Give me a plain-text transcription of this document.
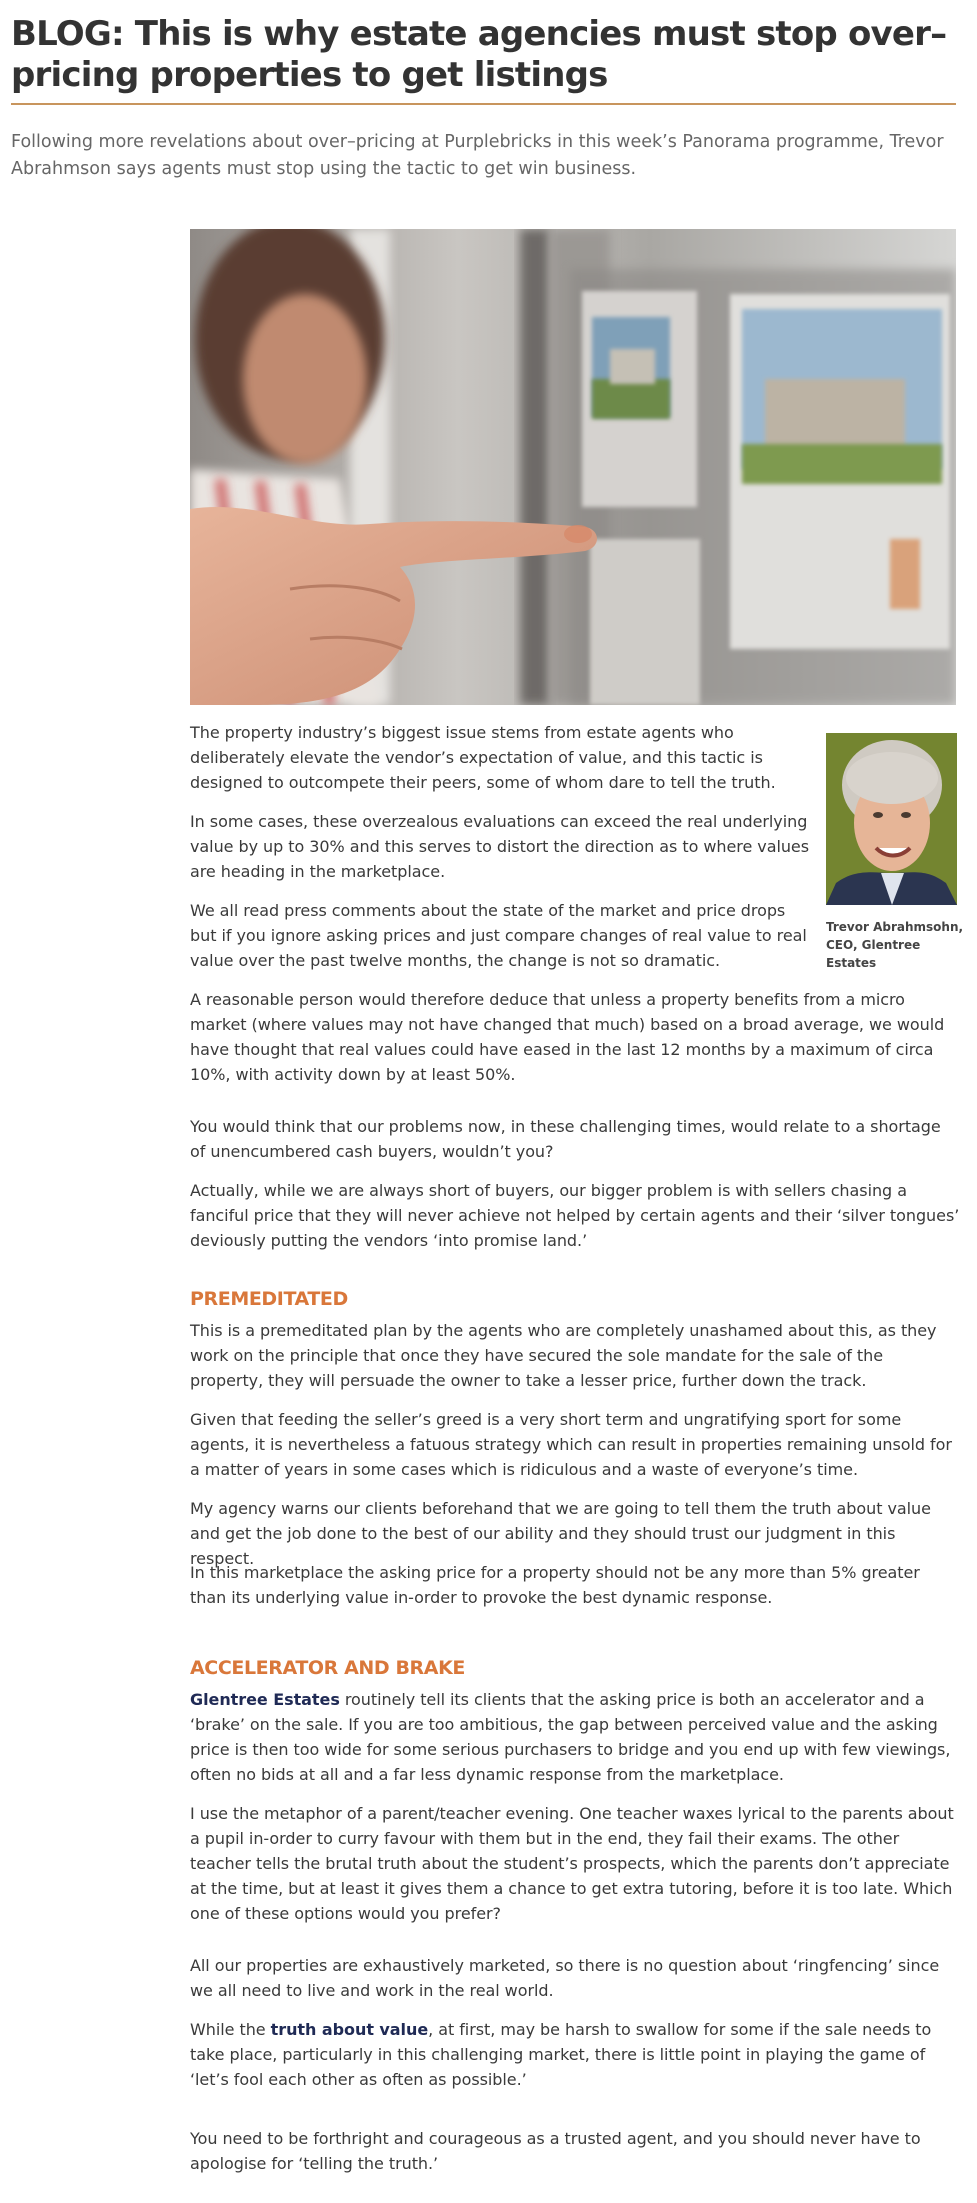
BLOG: This is why estate agencies must stop over–pricing properties to get listings

Following more revelations about over–pricing at Purplebricks in this week’s Panorama programme, Trevor Abrahmson says agents must stop using the tactic to get win business.

Trevor Abrahmsohn, CEO, Glentree Estates

The property industry’s biggest issue stems from estate agents who deliberately elevate the vendor’s expectation of value, and this tactic is designed to outcompete their peers, some of whom dare to tell the truth.

In some cases, these overzealous evaluations can exceed the real underlying value by up to 30% and this serves to distort the direction as to where values are heading in the marketplace.

We all read press comments about the state of the market and price drops but if you ignore asking prices and just compare changes of real value to real value over the past twelve months, the change is not so dramatic.

A reasonable person would therefore deduce that unless a property benefits from a micro market (where values may not have changed that much) based on a broad average, we would have thought that real values could have eased in the last 12 months by a maximum of circa 10%, with activity down by at least 50%.

You would think that our problems now, in these challenging times, would relate to a shortage of unencumbered cash buyers, wouldn’t you?

Actually, while we are always short of buyers, our bigger problem is with sellers chasing a fanciful price that they will never achieve not helped by certain agents and their ‘silver tongues’ deviously putting the vendors ‘into promise land.’

PREMEDITATED

This is a premeditated plan by the agents who are completely unashamed about this, as they work on the principle that once they have secured the sole mandate for the sale of the property, they will persuade the owner to take a lesser price, further down the track.

Given that feeding the seller’s greed is a very short term and ungratifying sport for some agents, it is nevertheless a fatuous strategy which can result in properties remaining unsold for a matter of years in some cases which is ridiculous and a waste of everyone’s time.

My agency warns our clients beforehand that we are going to tell them the truth about value and get the job done to the best of our ability and they should trust our judgment in this respect.

In this marketplace the asking price for a property should not be any more than 5% greater than its underlying value in-order to provoke the best dynamic response.

ACCELERATOR AND BRAKE

Glentree Estates routinely tell its clients that the asking price is both an accelerator and a ‘brake’ on the sale. If you are too ambitious, the gap between perceived value and the asking price is then too wide for some serious purchasers to bridge and you end up with few viewings, often no bids at all and a far less dynamic response from the marketplace.

I use the metaphor of a parent/teacher evening. One teacher waxes lyrical to the parents about a pupil in-order to curry favour with them but in the end, they fail their exams. The other teacher tells the brutal truth about the student’s prospects, which the parents don’t appreciate at the time, but at least it gives them a chance to get extra tutoring, before it is too late. Which one of these options would you prefer?

All our properties are exhaustively marketed, so there is no question about ‘ringfencing’ since we all need to live and work in the real world.

While the truth about value, at first, may be harsh to swallow for some if the sale needs to take place, particularly in this challenging market, there is little point in playing the game of ‘let’s fool each other as often as possible.’

You need to be forthright and courageous as a trusted agent, and you should never have to apologise for ‘telling the truth.’
